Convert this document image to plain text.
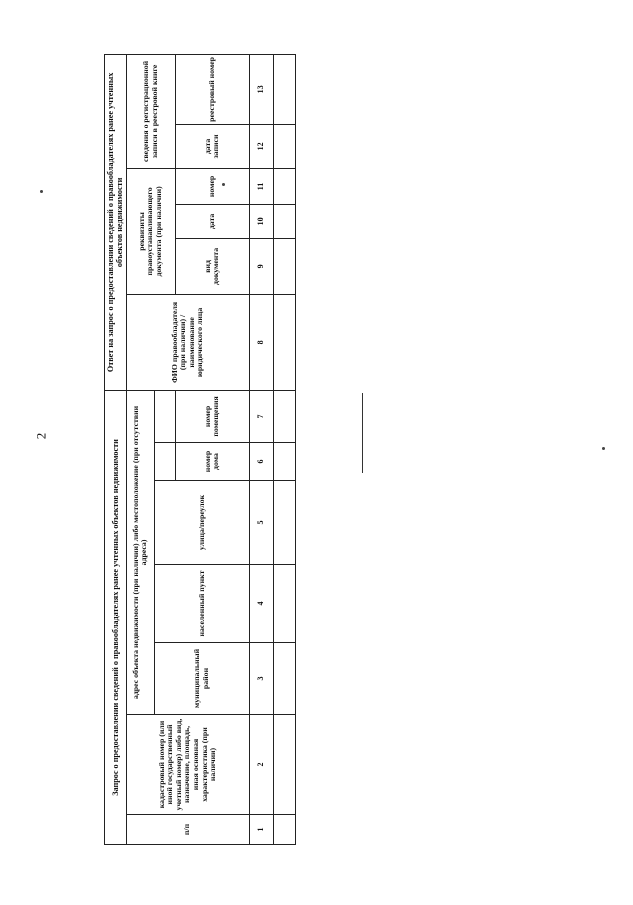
2
Запрос о предоставлении сведений о правообладателях ранее учтенных объектов недвижимости							Ответ на запрос о предоставлении сведений о правообладателях ранее учтенных объектов недвижимости					
п/п	кадастровый номер (или иной государственный учетный номер) либо вид, назначение, площадь, иная основная характеристика (при наличии)	адрес объекта недвижимости (при наличии) либо местоположение (при отсутствии адреса)					ФИО правообладателя (при наличии) / наименование юридического лица	реквизиты правоустанавливающего документа (при наличии)			сведения о регистрационной записи в реестровой книге	
		муниципальный район	населенный пункт	улица/переулок								
					номер дома	номер помещения		вид документа	дата	номер	дата записи	реестровый номер
1	2	3	4	5	6	7	8	9	10	11	12	13
